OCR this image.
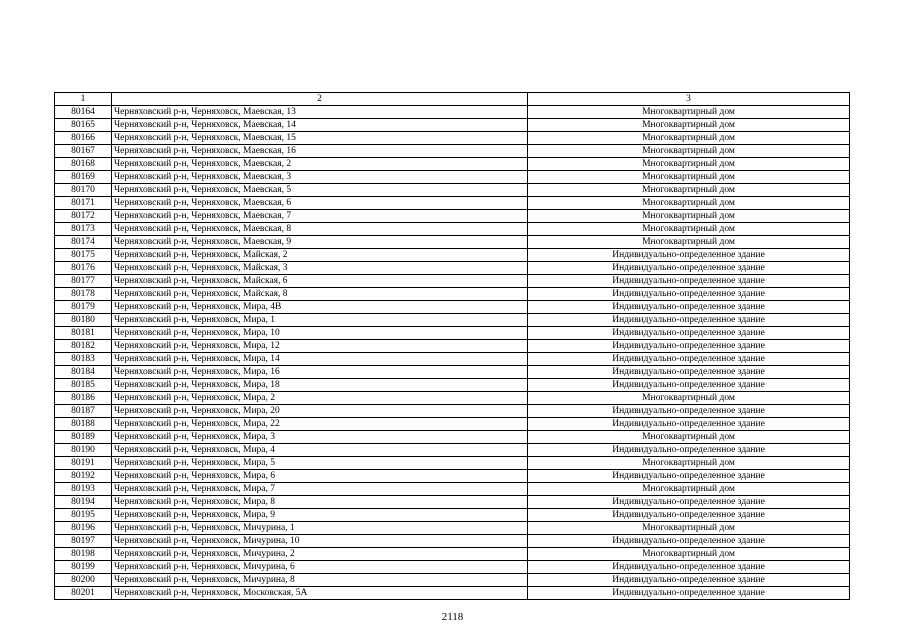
1	2	3
80164	Черняховский р-н, Черняховск, Маевская, 13	Многоквартирный дом
80165	Черняховский р-н, Черняховск, Маевская, 14	Многоквартирный дом
80166	Черняховский р-н, Черняховск, Маевская, 15	Многоквартирный дом
80167	Черняховский р-н, Черняховск, Маевская, 16	Многоквартирный дом
80168	Черняховский р-н, Черняховск, Маевская, 2	Многоквартирный дом
80169	Черняховский р-н, Черняховск, Маевская, 3	Многоквартирный дом
80170	Черняховский р-н, Черняховск, Маевская, 5	Многоквартирный дом
80171	Черняховский р-н, Черняховск, Маевская, 6	Многоквартирный дом
80172	Черняховский р-н, Черняховск, Маевская, 7	Многоквартирный дом
80173	Черняховский р-н, Черняховск, Маевская, 8	Многоквартирный дом
80174	Черняховский р-н, Черняховск, Маевская, 9	Многоквартирный дом
80175	Черняховский р-н, Черняховск, Майская, 2	Индивидуально-определенное здание
80176	Черняховский р-н, Черняховск, Майская, 3	Индивидуально-определенное здание
80177	Черняховский р-н, Черняховск, Майская, 6	Индивидуально-определенное здание
80178	Черняховский р-н, Черняховск, Майская, 8	Индивидуально-определенное здание
80179	Черняховский р-н, Черняховск, Мира, 4В	Индивидуально-определенное здание
80180	Черняховский р-н, Черняховск, Мира, 1	Индивидуально-определенное здание
80181	Черняховский р-н, Черняховск, Мира, 10	Индивидуально-определенное здание
80182	Черняховский р-н, Черняховск, Мира, 12	Индивидуально-определенное здание
80183	Черняховский р-н, Черняховск, Мира, 14	Индивидуально-определенное здание
80184	Черняховский р-н, Черняховск, Мира, 16	Индивидуально-определенное здание
80185	Черняховский р-н, Черняховск, Мира, 18	Индивидуально-определенное здание
80186	Черняховский р-н, Черняховск, Мира, 2	Многоквартирный дом
80187	Черняховский р-н, Черняховск, Мира, 20	Индивидуально-определенное здание
80188	Черняховский р-н, Черняховск, Мира, 22	Индивидуально-определенное здание
80189	Черняховский р-н, Черняховск, Мира, 3	Многоквартирный дом
80190	Черняховский р-н, Черняховск, Мира, 4	Индивидуально-определенное здание
80191	Черняховский р-н, Черняховск, Мира, 5	Многоквартирный дом
80192	Черняховский р-н, Черняховск, Мира, 6	Индивидуально-определенное здание
80193	Черняховский р-н, Черняховск, Мира, 7	Многоквартирный дом
80194	Черняховский р-н, Черняховск, Мира, 8	Индивидуально-определенное здание
80195	Черняховский р-н, Черняховск, Мира, 9	Индивидуально-определенное здание
80196	Черняховский р-н, Черняховск, Мичурина, 1	Многоквартирный дом
80197	Черняховский р-н, Черняховск, Мичурина, 10	Индивидуально-определенное здание
80198	Черняховский р-н, Черняховск, Мичурина, 2	Многоквартирный дом
80199	Черняховский р-н, Черняховск, Мичурина, 6	Индивидуально-определенное здание
80200	Черняховский р-н, Черняховск, Мичурина, 8	Индивидуально-определенное здание
80201	Черняховский р-н, Черняховск, Московская, 5А	Индивидуально-определенное здание
2118
